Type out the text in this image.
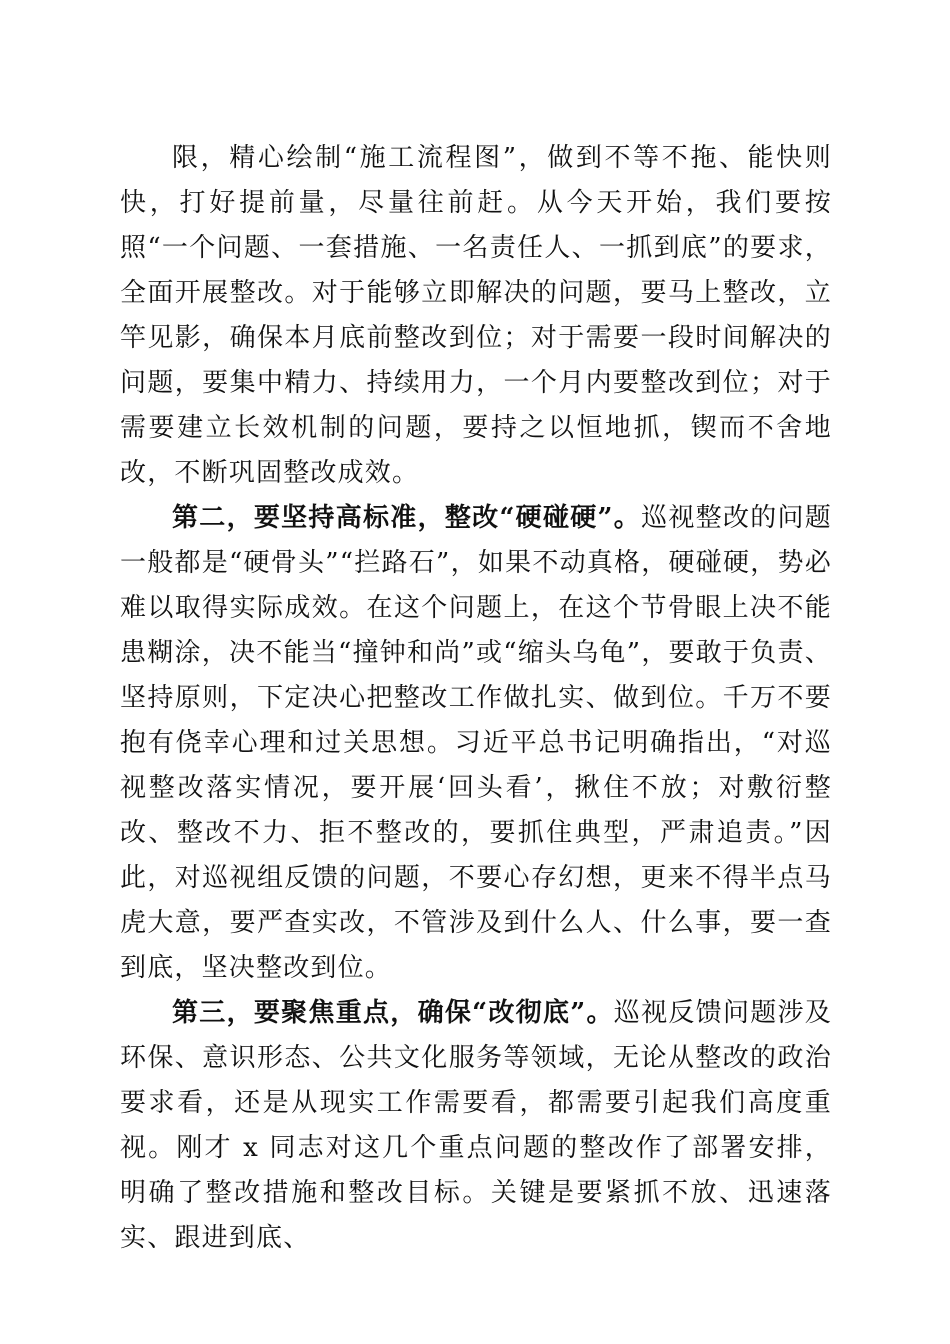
限，精心绘制“施工流程图”，做到不等不拖、能快则快，打好提前量，尽量往前赶。从今天开始，我们要按照“一个问题、一套措施、一名责任人、一抓到底”的要求，全面开展整改。对于能够立即解决的问题，要马上整改，立竿见影，确保本月底前整改到位；对于需要一段时间解决的问题，要集中精力、持续用力，一个月内要整改到位；对于需要建立长效机制的问题，要持之以恒地抓，锲而不舍地改，不断巩固整改成效。

第二，要坚持高标准，整改“硬碰硬”。巡视整改的问题一般都是“硬骨头”“拦路石”，如果不动真格，硬碰硬，势必难以取得实际成效。在这个问题上，在这个节骨眼上决不能患糊涂，决不能当“撞钟和尚”或“缩头乌龟”，要敢于负责、坚持原则，下定决心把整改工作做扎实、做到位。千万不要抱有侥幸心理和过关思想。习近平总书记明确指出，“对巡视整改落实情况，要开展‘回头看’，揪住不放；对敷衍整改、整改不力、拒不整改的，要抓住典型，严肃追责。”因此，对巡视组反馈的问题，不要心存幻想，更来不得半点马虎大意，要严查实改，不管涉及到什么人、什么事，要一查到底，坚决整改到位。

第三，要聚焦重点，确保“改彻底”。巡视反馈问题涉及环保、意识形态、公共文化服务等领域，无论从整改的政治要求看，还是从现实工作需要看，都需要引起我们高度重视。刚才 x 同志对这几个重点问题的整改作了部署安排，明确了整改措施和整改目标。关键是要紧抓不放、迅速落实、跟进到底、
